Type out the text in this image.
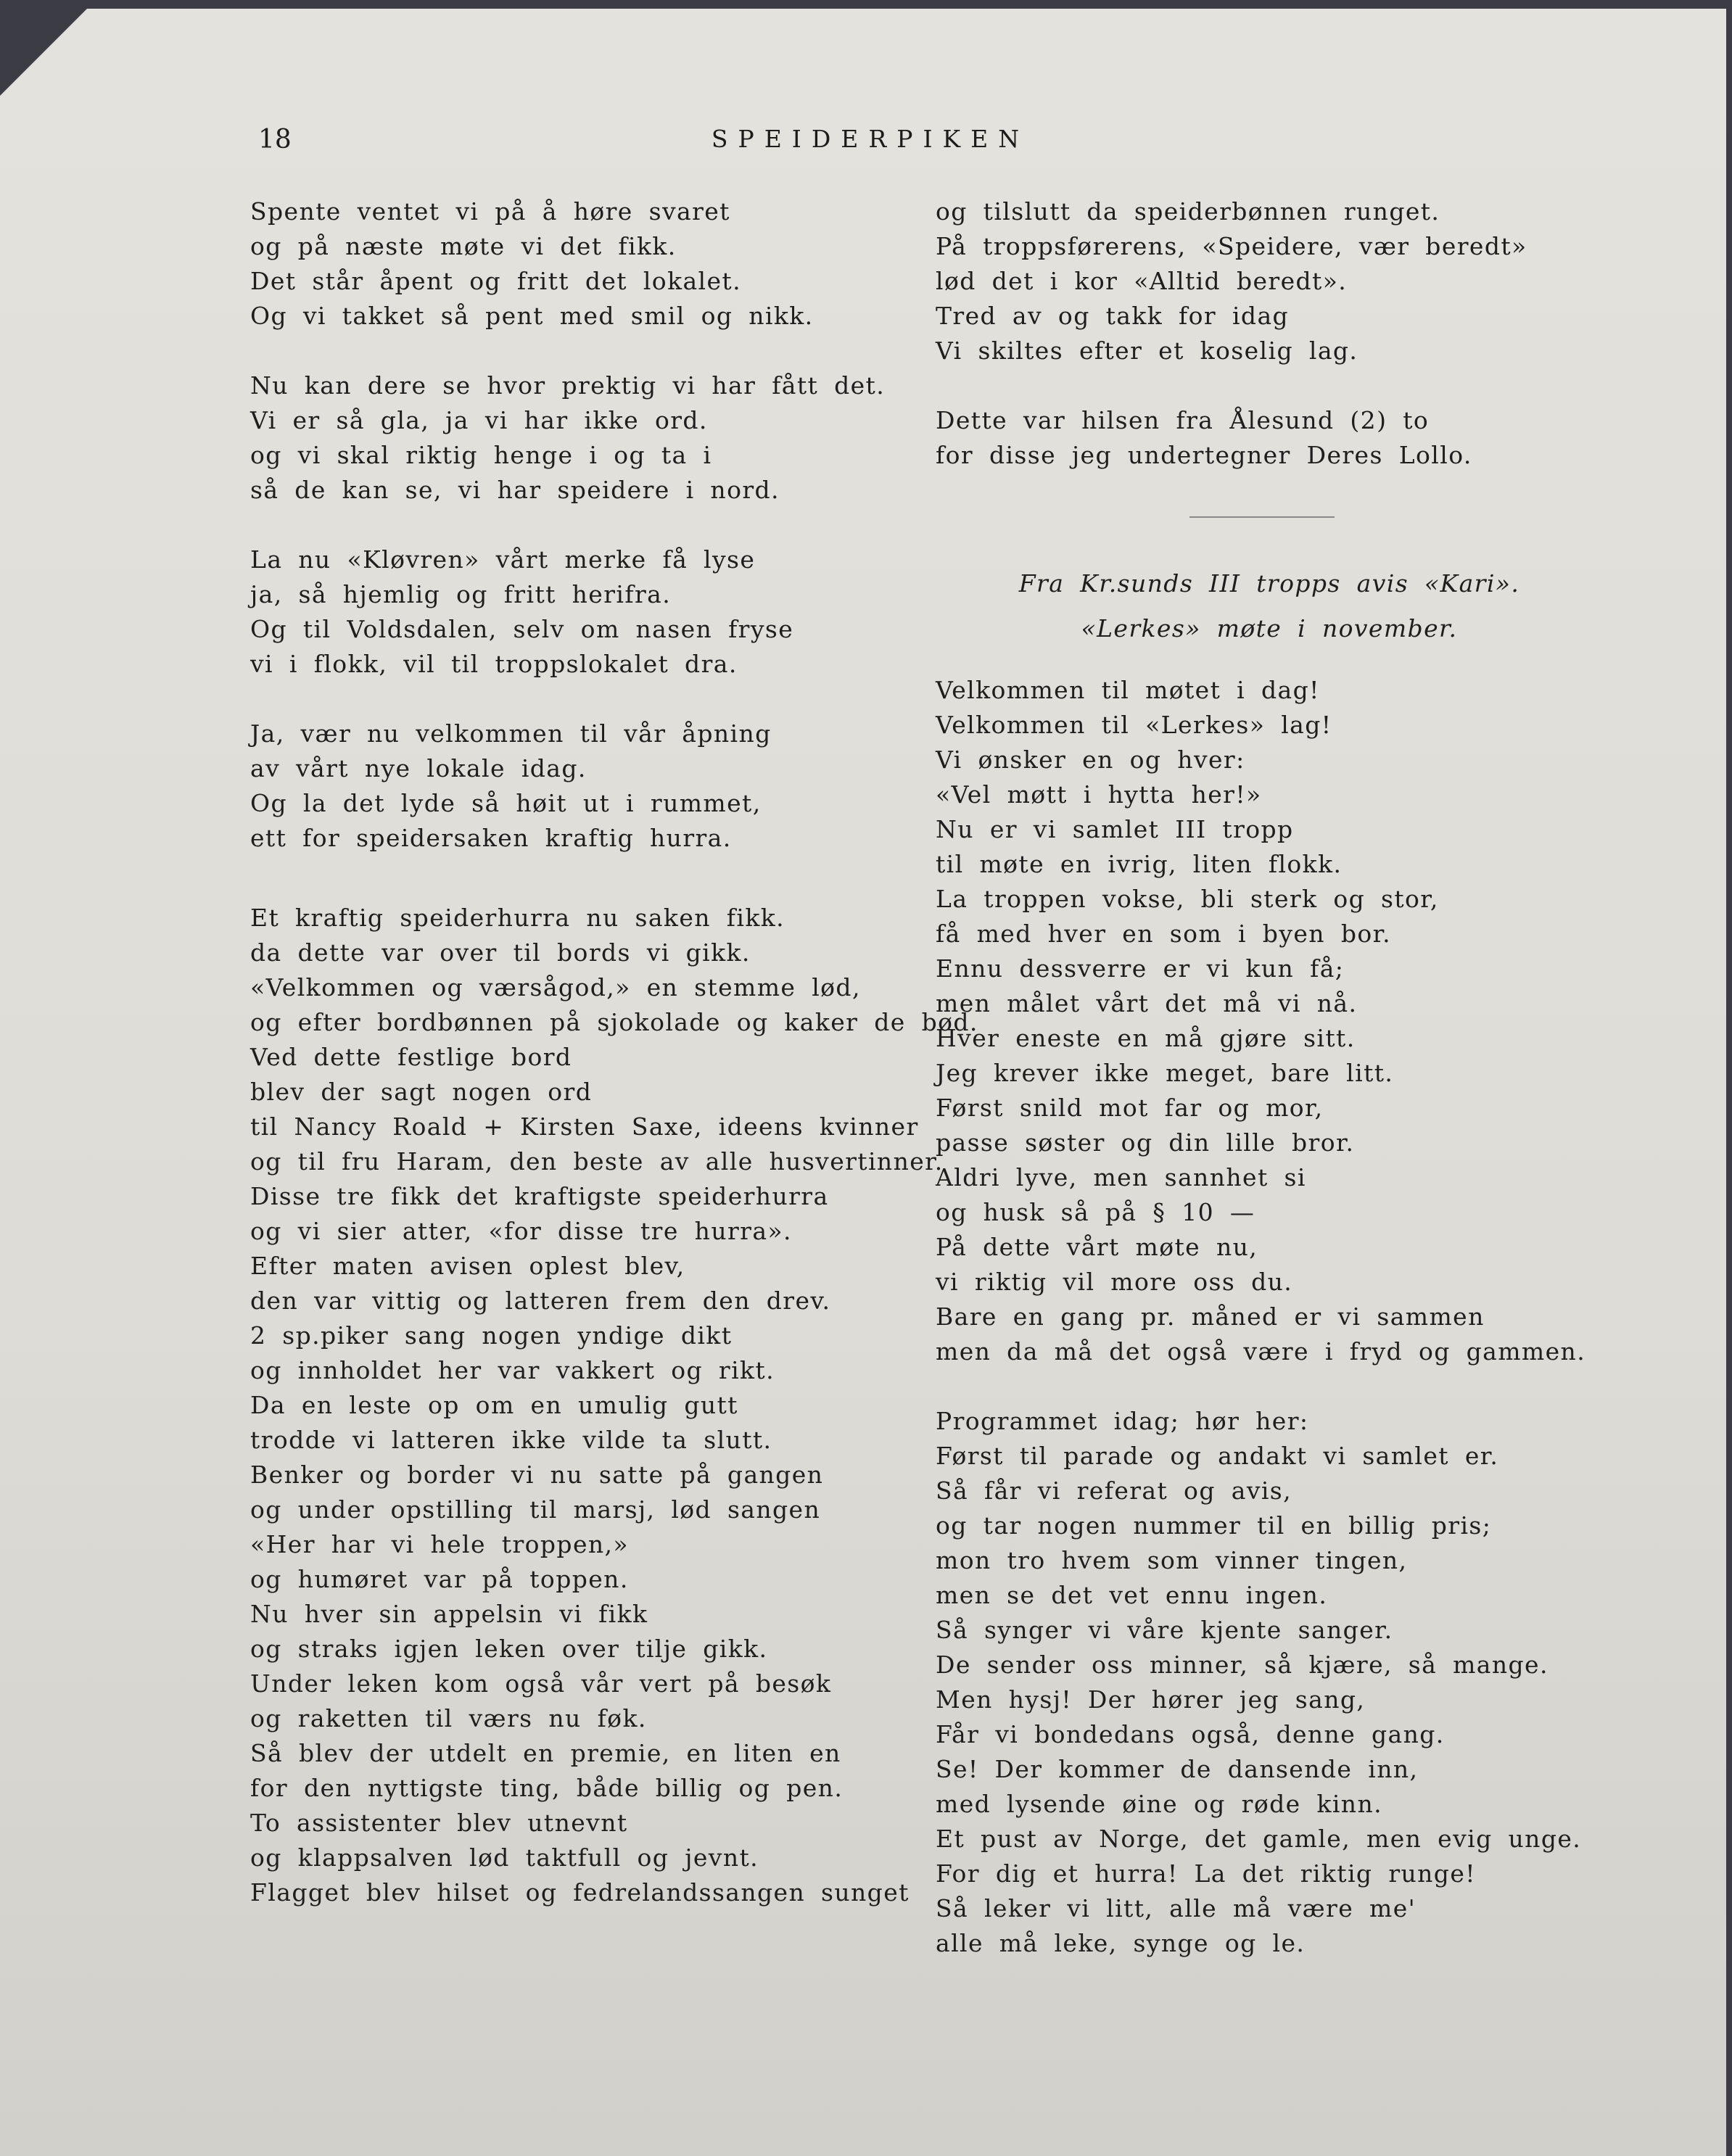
18	SPEIDERPIKEN
Spente ventet vi på å høre svaret
og på næste møte vi det fikk.
Det står åpent og fritt det lokalet.
Og vi takket så pent med smil og nikk.
Nu kan dere se hvor prektig vi har fått det.
Vi er så gla, ja vi har ikke ord.
og vi skal riktig henge i og ta i
så de kan se, vi har speidere i nord.
La nu «Kløvren» vårt merke få lyse
ja, så hjemlig og fritt herifra.
Og til Voldsdalen, selv om nasen fryse
vi i flokk, vil til troppslokalet dra.
Ja, vær nu velkommen til vår åpning
av vårt nye lokale idag.
Og la det lyde så høit ut i rummet,
ett for speidersaken kraftig hurra.
Et kraftig speiderhurra nu saken fikk.
da dette var over til bords vi gikk.
«Velkommen og værsågod,» en stemme lød,
og efter bordbønnen på sjokolade og kaker de bød.
Ved dette festlige bord
blev der sagt nogen ord
til Nancy Roald + Kirsten Saxe, ideens kvinner
og til fru Haram, den beste av alle husvertinner.
Disse tre fikk det kraftigste speiderhurra
og vi sier atter, «for disse tre hurra».
Efter maten avisen oplest blev,
den var vittig og latteren frem den drev.
2 sp.piker sang nogen yndige dikt
og innholdet her var vakkert og rikt.
Da en leste op om en umulig gutt
trodde vi latteren ikke vilde ta slutt.
Benker og border vi nu satte på gangen
og under opstilling til marsj, lød sangen
«Her har vi hele troppen,»
og humøret var på toppen.
Nu hver sin appelsin vi fikk
og straks igjen leken over tilje gikk.
Under leken kom også vår vert på besøk
og raketten til værs nu føk.
Så blev der utdelt en premie, en liten en
for den nyttigste ting, både billig og pen.
To assistenter blev utnevnt
og klappsalven lød taktfull og jevnt.
Flagget blev hilset og fedrelandssangen sunget
og tilslutt da speiderbønnen runget.
På troppsførerens, «Speidere, vær beredt»
lød det i kor «Alltid beredt».
Tred av og takk for idag
Vi skiltes efter et koselig lag.
Dette var hilsen fra Ålesund (2) to
for disse jeg undertegner Deres Lollo.
Fra Kr.sunds III tropps avis «Kari».
«Lerkes» møte i november.
Velkommen til møtet i dag!
Velkommen til «Lerkes» lag!
Vi ønsker en og hver:
«Vel møtt i hytta her!»
Nu er vi samlet III tropp
til møte en ivrig, liten flokk.
La troppen vokse, bli sterk og stor,
få med hver en som i byen bor.
Ennu dessverre er vi kun få;
men målet vårt det må vi nå.
Hver eneste en må gjøre sitt.
Jeg krever ikke meget, bare litt.
Først snild mot far og mor,
passe søster og din lille bror.
Aldri lyve, men sannhet si
og husk så på § 10 —
På dette vårt møte nu,
vi riktig vil more oss du.
Bare en gang pr. måned er vi sammen
men da må det også være i fryd og gammen.
Programmet idag; hør her:
Først til parade og andakt vi samlet er.
Så får vi referat og avis,
og tar nogen nummer til en billig pris;
mon tro hvem som vinner tingen,
men se det vet ennu ingen.
Så synger vi våre kjente sanger.
De sender oss minner, så kjære, så mange.
Men hysj! Der hører jeg sang,
Får vi bondedans også, denne gang.
Se! Der kommer de dansende inn,
med lysende øine og røde kinn.
Et pust av Norge, det gamle, men evig unge.
For dig et hurra! La det riktig runge!
Så leker vi litt, alle må være me'
alle må leke, synge og le.
